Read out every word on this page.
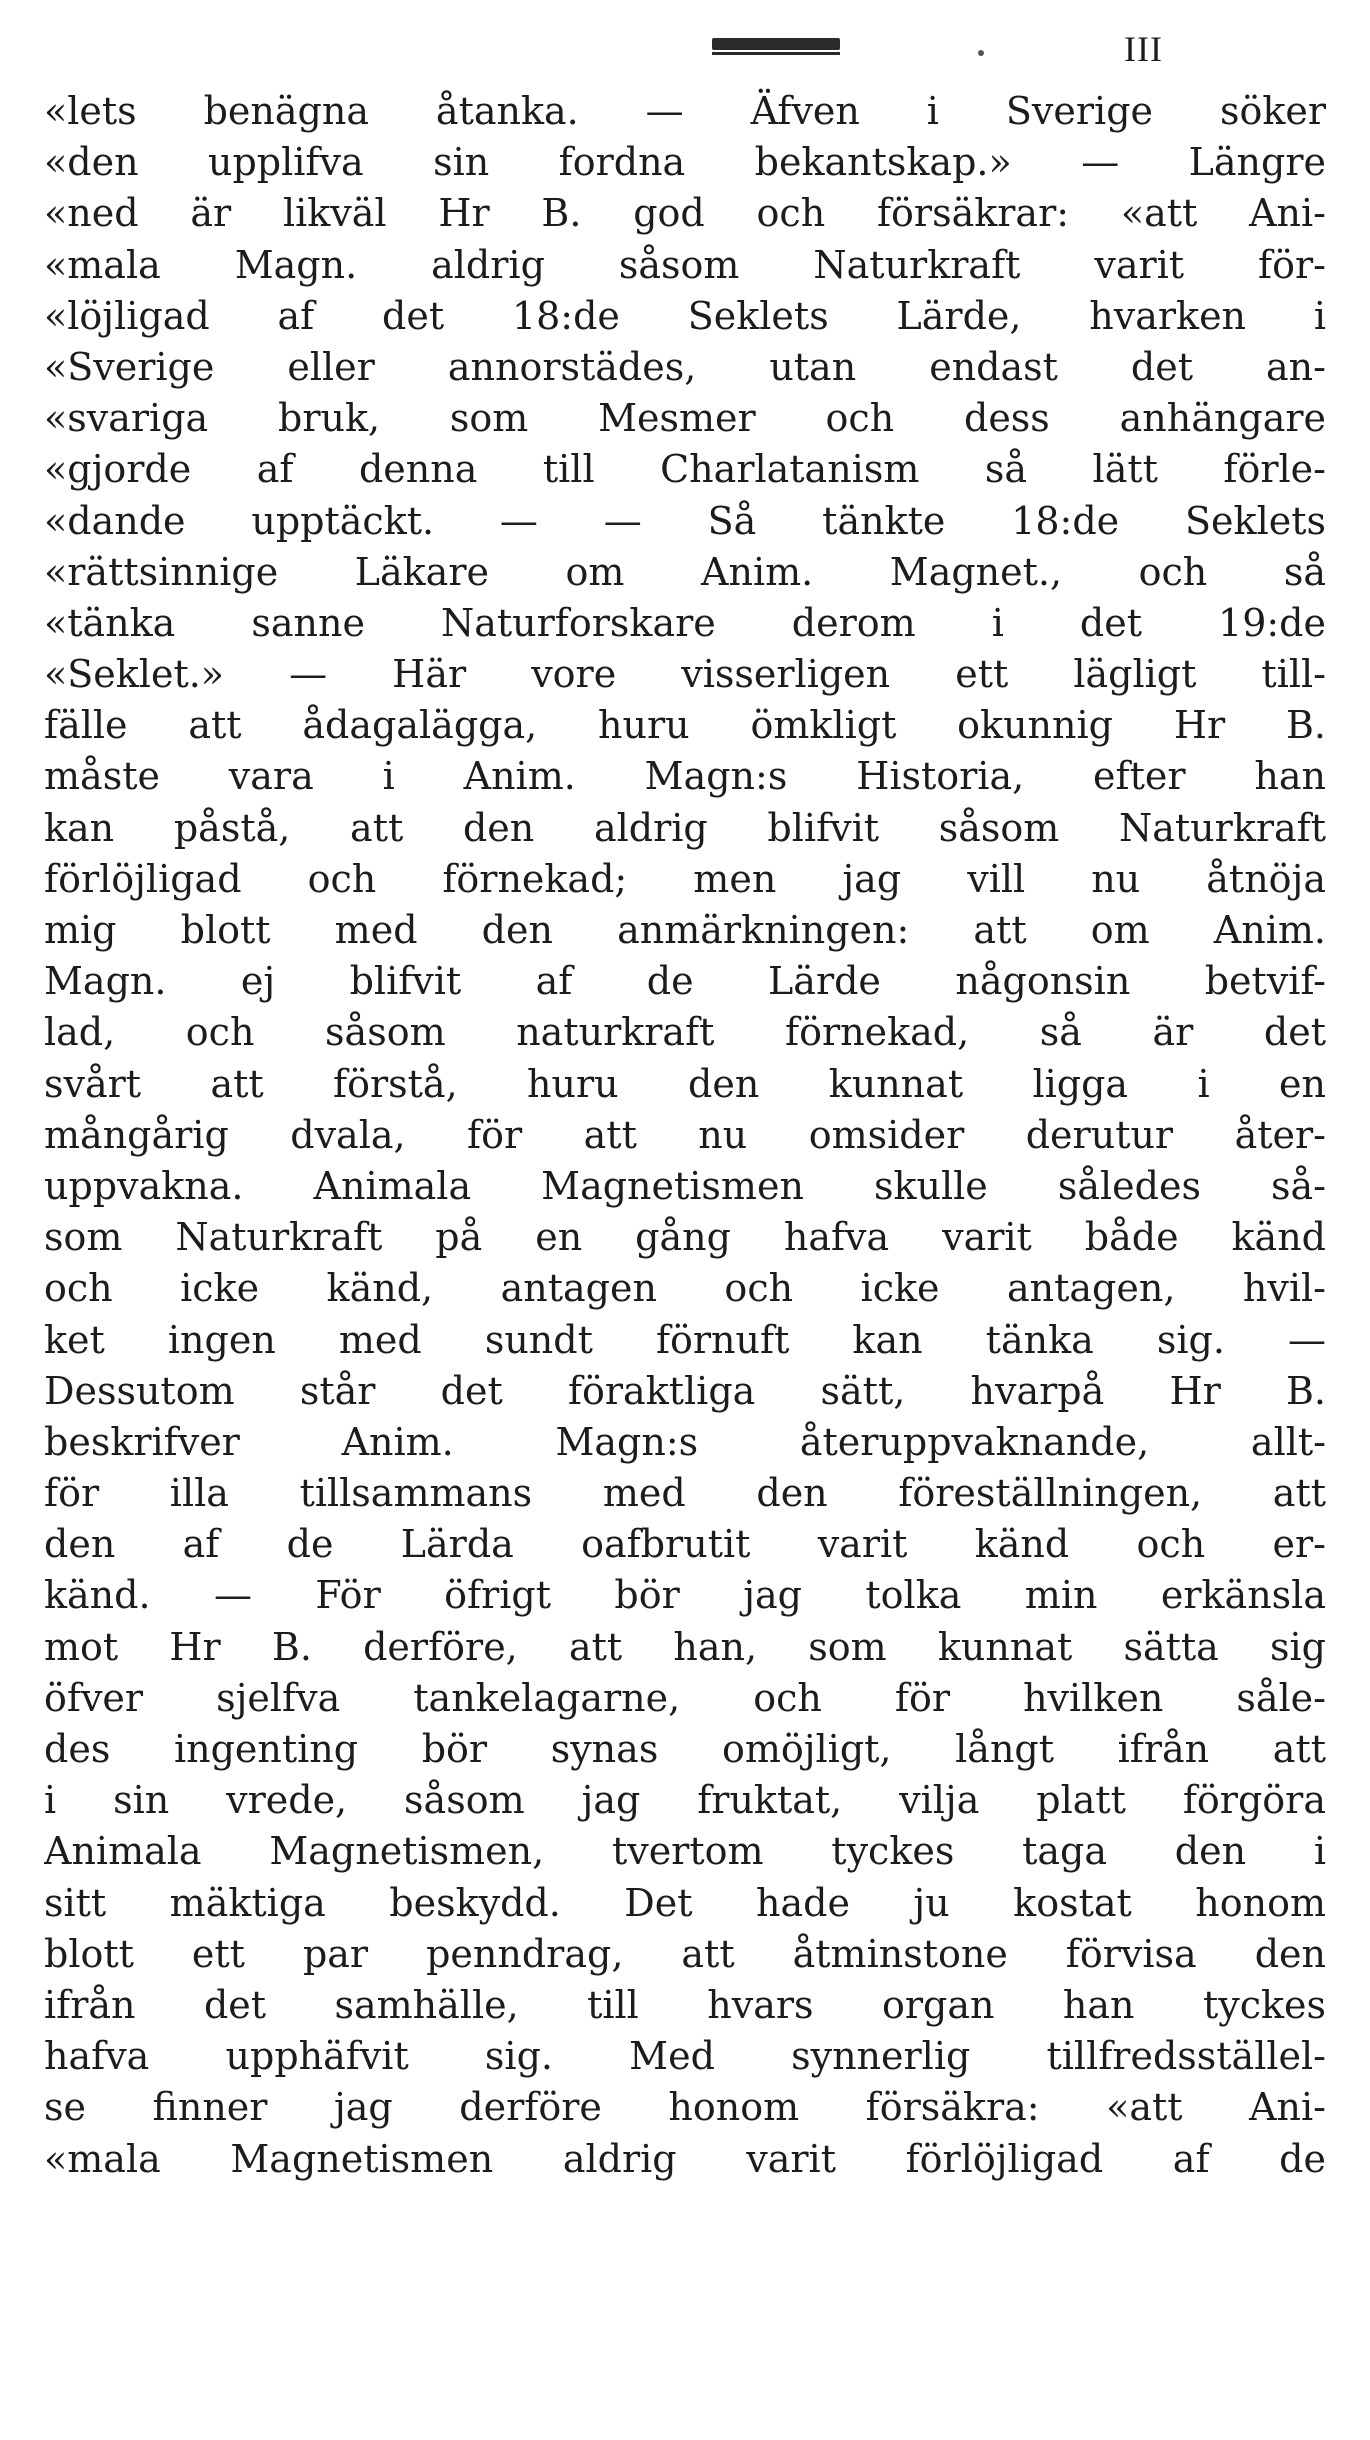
III
«lets benägna åtanka. — Äfven i Sverige söker
«den upplifva sin fordna bekantskap.» — Längre
«ned är likväl Hr B. god och försäkrar: «att Ani-
«mala Magn. aldrig såsom Naturkraft varit för-
«löjligad af det 18:de Seklets Lärde, hvarken i
«Sverige eller annorstädes, utan endast det an-
«svariga bruk, som Mesmer och dess anhängare
«gjorde af denna till Charlatanism så lätt förle-
«dande upptäckt. — — Så tänkte 18:de Seklets
«rättsinnige Läkare om Anim. Magnet., och så
«tänka sanne Naturforskare derom i det 19:de
«Seklet.» — Här vore visserligen ett lägligt till-
fälle att ådagalägga, huru ömkligt okunnig Hr B.
måste vara i Anim. Magn:s Historia, efter han
kan påstå, att den aldrig blifvit såsom Naturkraft
förlöjligad och förnekad; men jag vill nu åtnöja
mig blott med den anmärkningen: att om Anim.
Magn. ej blifvit af de Lärde någonsin betvif-
lad, och såsom naturkraft förnekad, så är det
svårt att förstå, huru den kunnat ligga i en
mångårig dvala, för att nu omsider derutur åter-
uppvakna. Animala Magnetismen skulle således så-
som Naturkraft på en gång hafva varit både känd
och icke känd, antagen och icke antagen, hvil-
ket ingen med sundt förnuft kan tänka sig. —
Dessutom står det föraktliga sätt, hvarpå Hr B.
beskrifver Anim. Magn:s återuppvaknande, allt-
för illa tillsammans med den föreställningen, att
den af de Lärda oafbrutit varit känd och er-
känd. — För öfrigt bör jag tolka min erkänsla
mot Hr B. derföre, att han, som kunnat sätta sig
öfver sjelfva tankelagarne, och för hvilken såle-
des ingenting bör synas omöjligt, långt ifrån att
i sin vrede, såsom jag fruktat, vilja platt förgöra
Animala Magnetismen, tvertom tyckes taga den i
sitt mäktiga beskydd. Det hade ju kostat honom
blott ett par penndrag, att åtminstone förvisa den
ifrån det samhälle, till hvars organ han tyckes
hafva upphäfvit sig. Med synnerlig tillfredsställel-
se finner jag derföre honom försäkra: «att Ani-
«mala Magnetismen aldrig varit förlöjligad af de
